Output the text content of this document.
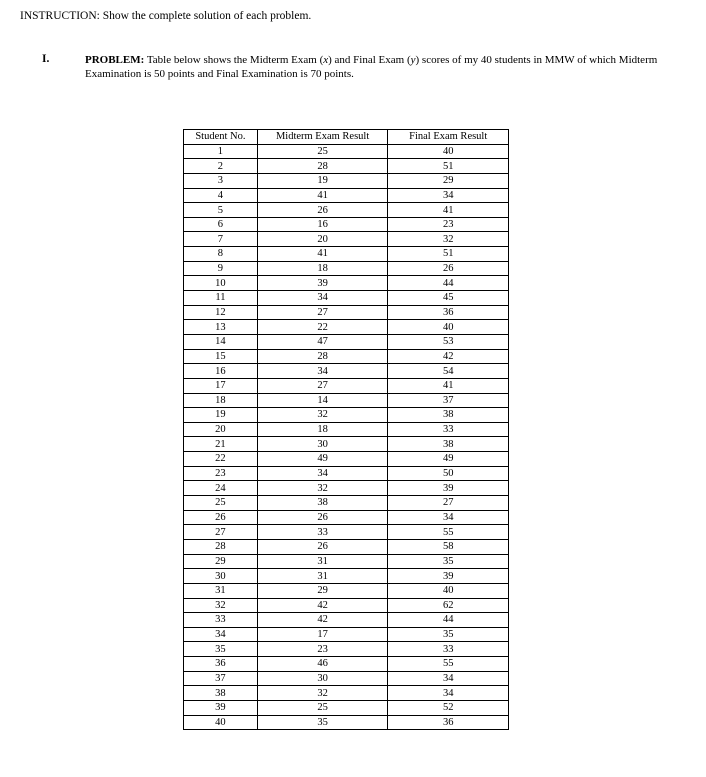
INSTRUCTION: Show the complete solution of each problem.
I.	PROBLEM: Table below shows the Midterm Exam (x) and Final Exam (y) scores of my 40 students in MMW of which Midterm Examination is 50 points and Final Examination is 70 points.
Student No.	Midterm Exam Result	Final Exam Result
1	25	40
2	28	51
3	19	29
4	41	34
5	26	41
6	16	23
7	20	32
8	41	51
9	18	26
10	39	44
11	34	45
12	27	36
13	22	40
14	47	53
15	28	42
16	34	54
17	27	41
18	14	37
19	32	38
20	18	33
21	30	38
22	49	49
23	34	50
24	32	39
25	38	27
26	26	34
27	33	55
28	26	58
29	31	35
30	31	39
31	29	40
32	42	62
33	42	44
34	17	35
35	23	33
36	46	55
37	30	34
38	32	34
39	25	52
40	35	36
